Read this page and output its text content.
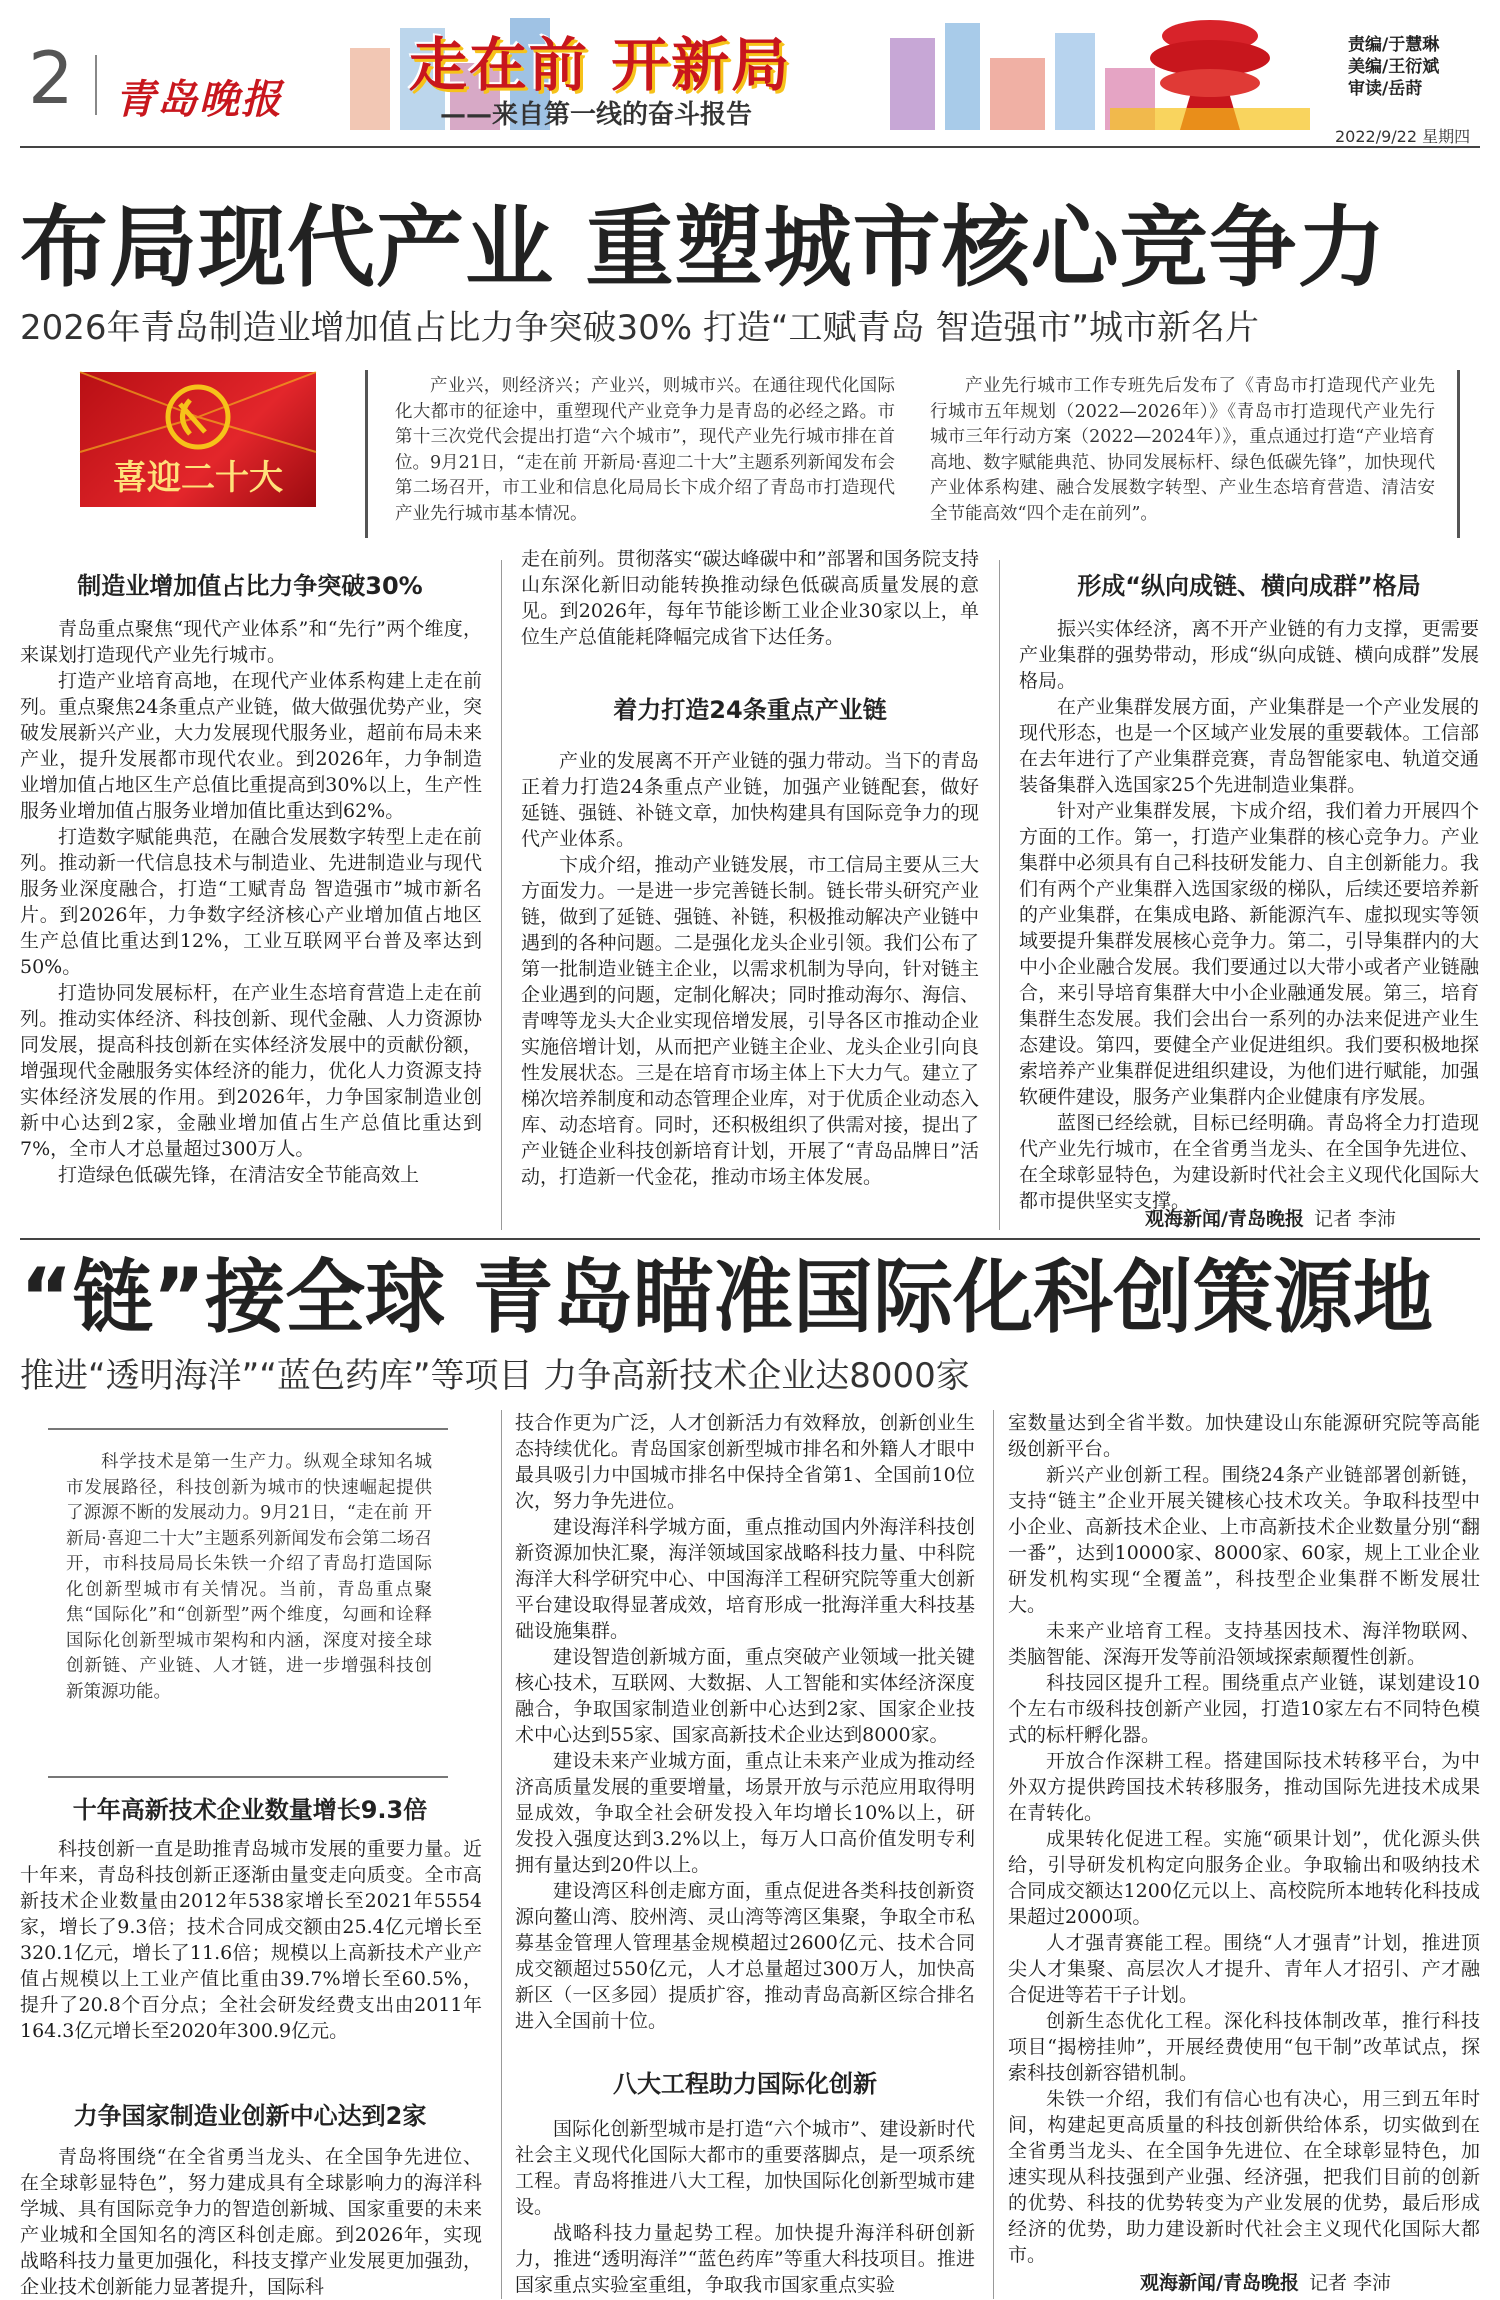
2 青岛晚报
走在前 开新局
——来自第一线的奋斗报告
责编/于慧琳
美编/王衍斌
审读/岳莳
2022/9/22 星期四
布局现代产业 重塑城市核心竞争力
2026年青岛制造业增加值占比力争突破30% 打造“工赋青岛 智造强市”城市新名片
喜迎二十大

产业兴，则经济兴；产业兴，则城市兴。在通往现代化国际化大都市的征途中，重塑现代产业竞争力是青岛的必经之路。市第十三次党代会提出打造“六个城市”，现代产业先行城市排在首位。9月21日，“走在前 开新局·喜迎二十大”主题系列新闻发布会第二场召开，市工业和信息化局局长卞成介绍了青岛市打造现代产业先行城市基本情况。

产业先行城市工作专班先后发布了《青岛市打造现代产业先行城市五年规划（2022—2026年）》《青岛市打造现代产业先行城市三年行动方案（2022—2024年）》，重点通过打造“产业培育高地、数字赋能典范、协同发展标杆、绿色低碳先锋”，加快现代产业体系构建、融合发展数字转型、产业生态培育营造、清洁安全节能高效“四个走在前列”。

制造业增加值占比力争突破30%

青岛重点聚焦“现代产业体系”和“先行”两个维度，来谋划打造现代产业先行城市。

打造产业培育高地，在现代产业体系构建上走在前列。重点聚焦24条重点产业链，做大做强优势产业，突破发展新兴产业，大力发展现代服务业，超前布局未来产业，提升发展都市现代农业。到2026年，力争制造业增加值占地区生产总值比重提高到30%以上，生产性服务业增加值占服务业增加值比重达到62%。

打造数字赋能典范，在融合发展数字转型上走在前列。推动新一代信息技术与制造业、先进制造业与现代服务业深度融合，打造“工赋青岛 智造强市”城市新名片。到2026年，力争数字经济核心产业增加值占地区生产总值比重达到12%，工业互联网平台普及率达到50%。

打造协同发展标杆，在产业生态培育营造上走在前列。推动实体经济、科技创新、现代金融、人力资源协同发展，提高科技创新在实体经济发展中的贡献份额，增强现代金融服务实体经济的能力，优化人力资源支持实体经济发展的作用。到2026年，力争国家制造业创新中心达到2家，金融业增加值占生产总值比重达到7%，全市人才总量超过300万人。

打造绿色低碳先锋，在清洁安全节能高效上

走在前列。贯彻落实“碳达峰碳中和”部署和国务院支持山东深化新旧动能转换推动绿色低碳高质量发展的意见。到2026年，每年节能诊断工业企业30家以上，单位生产总值能耗降幅完成省下达任务。

着力打造24条重点产业链

产业的发展离不开产业链的强力带动。当下的青岛正着力打造24条重点产业链，加强产业链配套，做好延链、强链、补链文章，加快构建具有国际竞争力的现代产业体系。

卞成介绍，推动产业链发展，市工信局主要从三大方面发力。一是进一步完善链长制。链长带头研究产业链，做到了延链、强链、补链，积极推动解决产业链中遇到的各种问题。二是强化龙头企业引领。我们公布了第一批制造业链主企业，以需求机制为导向，针对链主企业遇到的问题，定制化解决；同时推动海尔、海信、青啤等龙头大企业实现倍增发展，引导各区市推动企业实施倍增计划，从而把产业链主企业、龙头企业引向良性发展状态。三是在培育市场主体上下大力气。建立了梯次培养制度和动态管理企业库，对于优质企业动态入库、动态培育。同时，还积极组织了供需对接，提出了产业链企业科技创新培育计划，开展了“青岛品牌日”活动，打造新一代金花，推动市场主体发展。

形成“纵向成链、横向成群”格局

振兴实体经济，离不开产业链的有力支撑，更需要产业集群的强势带动，形成“纵向成链、横向成群”发展格局。

在产业集群发展方面，产业集群是一个产业发展的现代形态，也是一个区域产业发展的重要载体。工信部在去年进行了产业集群竞赛，青岛智能家电、轨道交通装备集群入选国家25个先进制造业集群。

针对产业集群发展，卞成介绍，我们着力开展四个方面的工作。第一，打造产业集群的核心竞争力。产业集群中必须具有自己科技研发能力、自主创新能力。我们有两个产业集群入选国家级的梯队，后续还要培养新的产业集群，在集成电路、新能源汽车、虚拟现实等领域要提升集群发展核心竞争力。第二，引导集群内的大中小企业融合发展。我们要通过以大带小或者产业链融合，来引导培育集群大中小企业融通发展。第三，培育集群生态发展。我们会出台一系列的办法来促进产业生态建设。第四，要健全产业促进组织。我们要积极地探索培养产业集群促进组织建设，为他们进行赋能，加强软硬件建设，服务产业集群内企业健康有序发展。

蓝图已经绘就，目标已经明确。青岛将全力打造现代产业先行城市，在全省勇当龙头、在全国争先进位、在全球彰显特色，为建设新时代社会主义现代化国际大都市提供坚实支撑。

观海新闻/青岛晚报 记者 李沛
“链”接全球 青岛瞄准国际化科创策源地
推进“透明海洋”“蓝色药库”等项目 力争高新技术企业达8000家

科学技术是第一生产力。纵观全球知名城市发展路径，科技创新为城市的快速崛起提供了源源不断的发展动力。9月21日，“走在前 开新局·喜迎二十大”主题系列新闻发布会第二场召开，市科技局局长朱铁一介绍了青岛打造国际化创新型城市有关情况。当前，青岛重点聚焦“国际化”和“创新型”两个维度，勾画和诠释国际化创新型城市架构和内涵，深度对接全球创新链、产业链、人才链，进一步增强科技创新策源功能。

十年高新技术企业数量增长9.3倍

科技创新一直是助推青岛城市发展的重要力量。近十年来，青岛科技创新正逐渐由量变走向质变。全市高新技术企业数量由2012年538家增长至2021年5554家，增长了9.3倍；技术合同成交额由25.4亿元增长至320.1亿元，增长了11.6倍；规模以上高新技术产业产值占规模以上工业产值比重由39.7%增长至60.5%，提升了20.8个百分点；全社会研发经费支出由2011年164.3亿元增长至2020年300.9亿元。

力争国家制造业创新中心达到2家

青岛将围绕“在全省勇当龙头、在全国争先进位、在全球彰显特色”，努力建成具有全球影响力的海洋科学城、具有国际竞争力的智造创新城、国家重要的未来产业城和全国知名的湾区科创走廊。到2026年，实现战略科技力量更加强化，科技支撑产业发展更加强劲，企业技术创新能力显著提升，国际科

技合作更为广泛，人才创新活力有效释放，创新创业生态持续优化。青岛国家创新型城市排名和外籍人才眼中最具吸引力中国城市排名中保持全省第1、全国前10位次，努力争先进位。

建设海洋科学城方面，重点推动国内外海洋科技创新资源加快汇聚，海洋领域国家战略科技力量、中科院海洋大科学研究中心、中国海洋工程研究院等重大创新平台建设取得显著成效，培育形成一批海洋重大科技基础设施集群。

建设智造创新城方面，重点突破产业领域一批关键核心技术，互联网、大数据、人工智能和实体经济深度融合，争取国家制造业创新中心达到2家、国家企业技术中心达到55家、国家高新技术企业达到8000家。

建设未来产业城方面，重点让未来产业成为推动经济高质量发展的重要增量，场景开放与示范应用取得明显成效，争取全社会研发投入年均增长10%以上，研发投入强度达到3.2%以上，每万人口高价值发明专利拥有量达到20件以上。

建设湾区科创走廊方面，重点促进各类科技创新资源向鳌山湾、胶州湾、灵山湾等湾区集聚，争取全市私募基金管理人管理基金规模超过2600亿元、技术合同成交额超过550亿元，人才总量超过300万人，加快高新区（一区多园）提质扩容，推动青岛高新区综合排名进入全国前十位。

八大工程助力国际化创新

国际化创新型城市是打造“六个城市”、建设新时代社会主义现代化国际大都市的重要落脚点，是一项系统工程。青岛将推进八大工程，加快国际化创新型城市建设。

战略科技力量起势工程。加快提升海洋科研创新力，推进“透明海洋”“蓝色药库”等重大科技项目。推进国家重点实验室重组，争取我市国家重点实验

室数量达到全省半数。加快建设山东能源研究院等高能级创新平台。

新兴产业创新工程。围绕24条产业链部署创新链，支持“链主”企业开展关键核心技术攻关。争取科技型中小企业、高新技术企业、上市高新技术企业数量分别“翻一番”，达到10000家、8000家、60家，规上工业企业研发机构实现“全覆盖”，科技型企业集群不断发展壮大。

未来产业培育工程。支持基因技术、海洋物联网、类脑智能、深海开发等前沿领域探索颠覆性创新。

科技园区提升工程。围绕重点产业链，谋划建设10个左右市级科技创新产业园，打造10家左右不同特色模式的标杆孵化器。

开放合作深耕工程。搭建国际技术转移平台，为中外双方提供跨国技术转移服务，推动国际先进技术成果在青转化。

成果转化促进工程。实施“硕果计划”，优化源头供给，引导研发机构定向服务企业。争取输出和吸纳技术合同成交额达1200亿元以上、高校院所本地转化科技成果超过2000项。

人才强青赛能工程。围绕“人才强青”计划，推进顶尖人才集聚、高层次人才提升、青年人才招引、产才融合促进等若干子计划。

创新生态优化工程。深化科技体制改革，推行科技项目“揭榜挂帅”，开展经费使用“包干制”改革试点，探索科技创新容错机制。

朱铁一介绍，我们有信心也有决心，用三到五年时间，构建起更高质量的科技创新供给体系，切实做到在全省勇当龙头、在全国争先进位、在全球彰显特色，加速实现从科技强到产业强、经济强，把我们目前的创新的优势、科技的优势转变为产业发展的优势，最后形成经济的优势，助力建设新时代社会主义现代化国际大都市。

观海新闻/青岛晚报 记者 李沛
